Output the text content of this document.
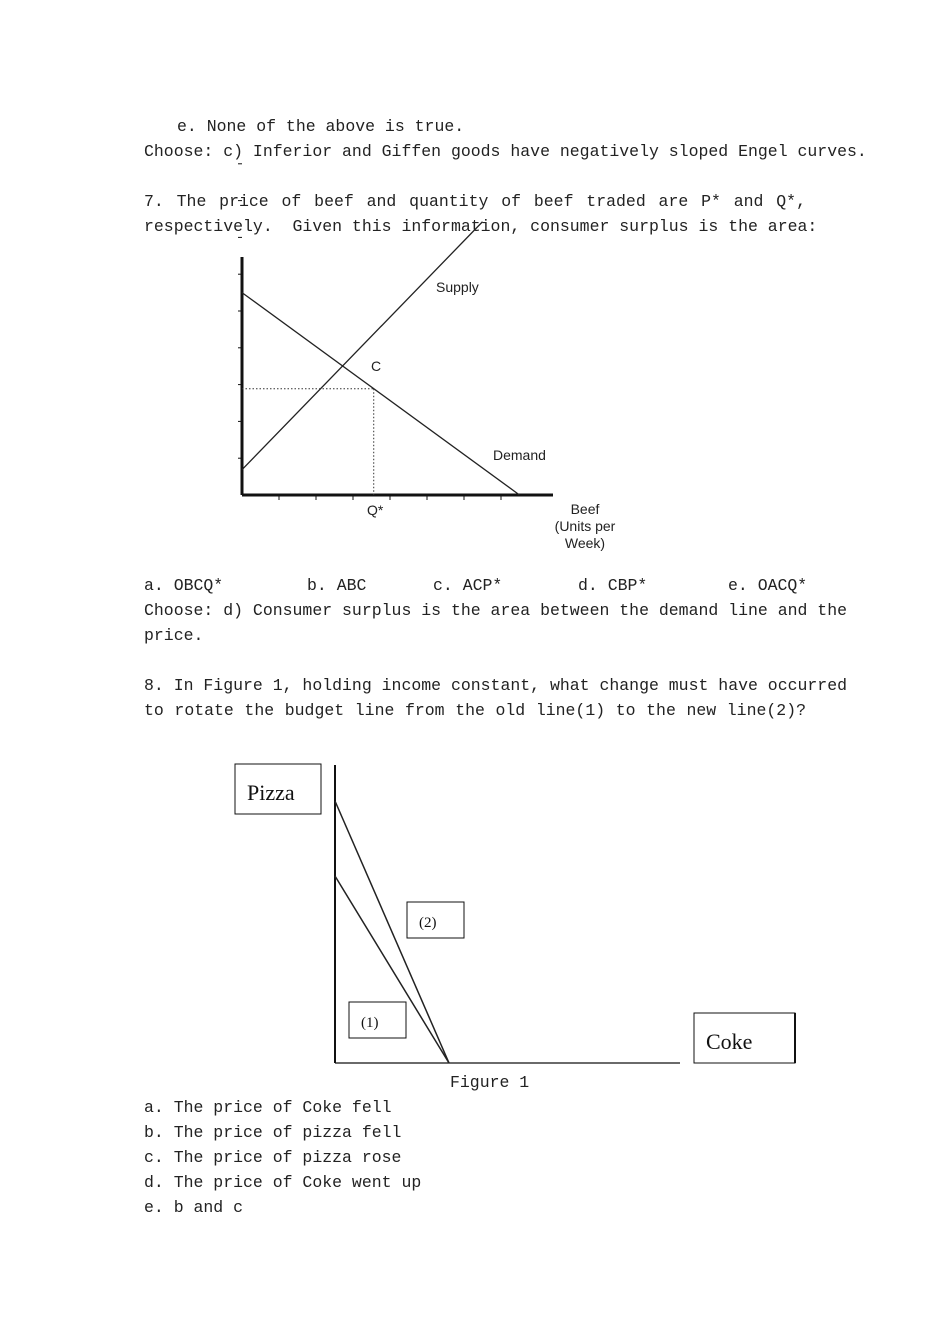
e. None of the above is true.
Choose: c) Inferior and Giffen goods have negatively sloped Engel curves.
7. The price of beef and quantity of beef traded are P* and Q*,
respectively.  Given this information, consumer surplus is the area:
Supply
Demand
C
Q*	Beef
(Units per
Week)
a. OBCQ*	b. ABC	c. ACP*	d. CBP*	e. OACQ*
Choose: d) Consumer surplus is the area between the demand line and the
price.
8. In Figure 1, holding income constant, what change must have occurred
to rotate the budget line from the old line(1) to the new line(2)?
Pizza
(2)
(1)
Coke
Figure 1
a. The price of Coke fell
b. The price of pizza fell
c. The price of pizza rose
d. The price of Coke went up
e. b and c
